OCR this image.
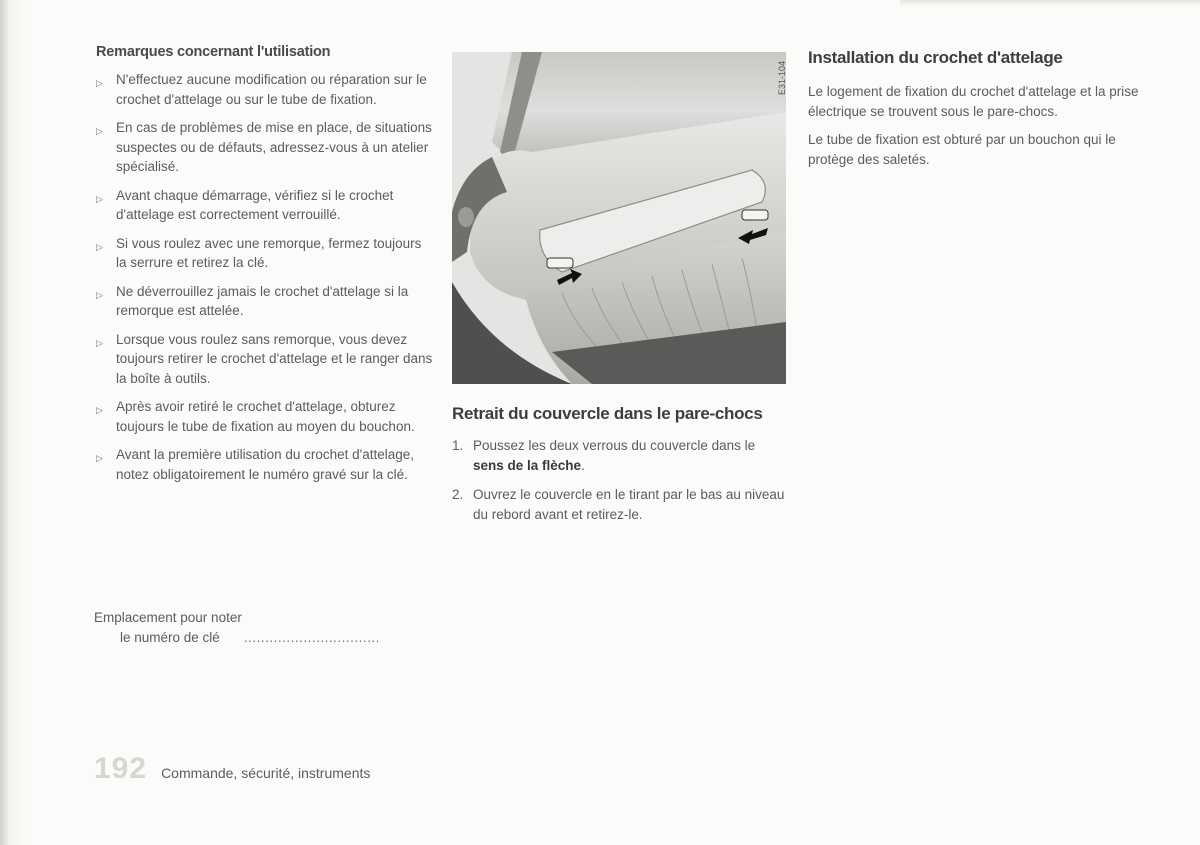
Remarques concernant l'utilisation
▷ N'effectuez aucune modification ou réparation sur le crochet d'attelage ou sur le tube de fixation.
▷ En cas de problèmes de mise en place, de situations suspectes ou de défauts, adressez-vous à un atelier spécialisé.
▷ Avant chaque démarrage, vérifiez si le crochet d'attelage est correctement verrouillé.
▷ Si vous roulez avec une remorque, fermez toujours la serrure et retirez la clé.
▷ Ne déverrouillez jamais le crochet d'attelage si la remorque est attelée.
▷ Lorsque vous roulez sans remorque, vous devez toujours retirer le crochet d'attelage et le ranger dans la boîte à outils.
▷ Après avoir retiré le crochet d'attelage, obturez toujours le tube de fixation au moyen du bouchon.
▷ Avant la première utilisation du crochet d'attelage, notez obligatoirement le numéro gravé sur la clé.
Emplacement pour noter
le numéro de clé ................................
192 Commande, sécurité, instruments
E31-104
Retrait du couvercle dans le pare-chocs
1. Poussez les deux verrous du couvercle dans le sens de la flèche.
2. Ouvrez le couvercle en le tirant par le bas au niveau du rebord avant et retirez-le.
Installation du crochet d'attelage

Le logement de fixation du crochet d'attelage et la prise électrique se trouvent sous le pare-chocs.

Le tube de fixation est obturé par un bouchon qui le protège des saletés.
